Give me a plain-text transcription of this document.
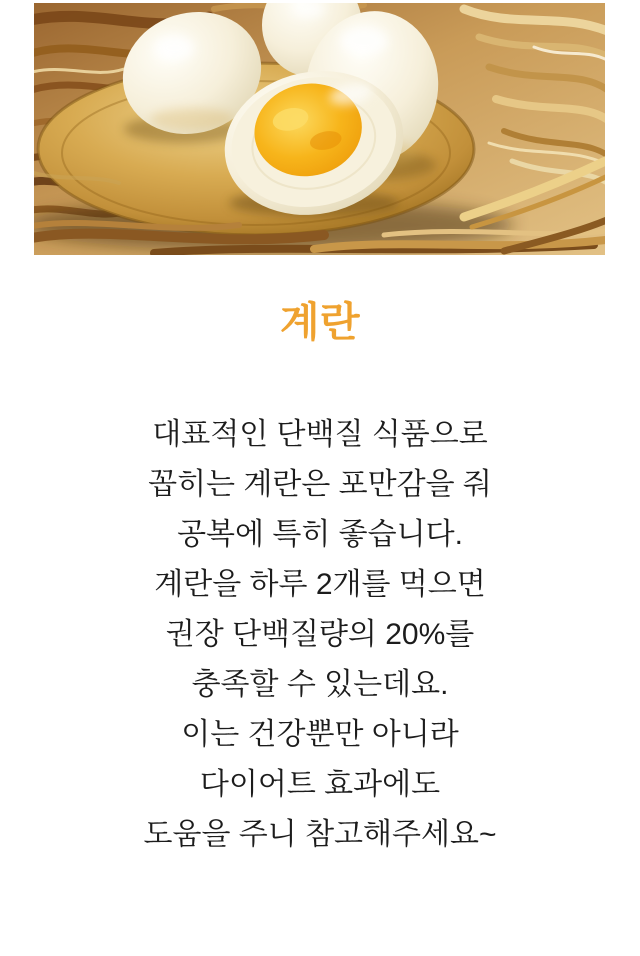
계란

대표적인 단백질 식품으로

꼽히는 계란은 포만감을 줘

공복에 특히 좋습니다.

계란을 하루 2개를 먹으면

권장 단백질량의 20%를

충족할 수 있는데요.

이는 건강뿐만 아니라

다이어트 효과에도

도움을 주니 참고해주세요~
